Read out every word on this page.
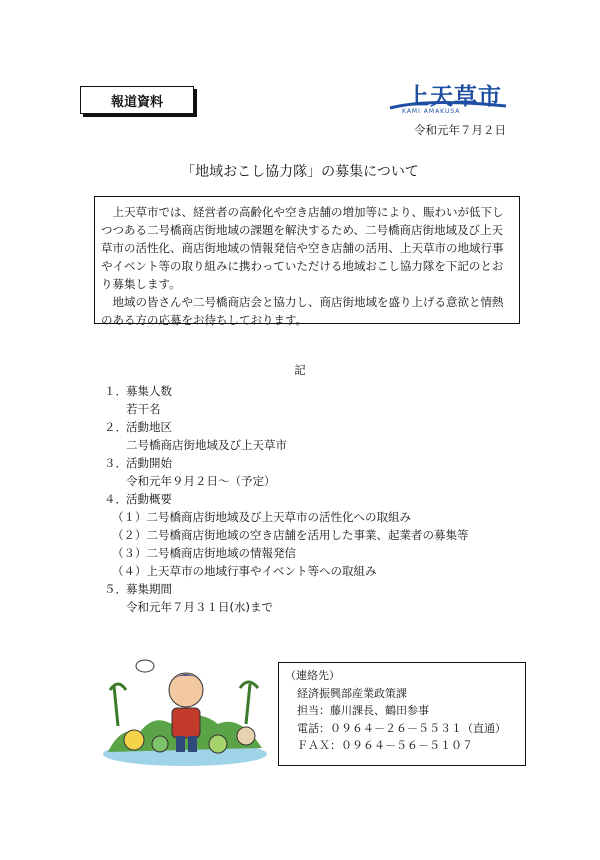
報道資料	上天草市
KAMI AMAKUSA
令和元年７月２日
「地域おこし協力隊」の募集について

上天草市では、経営者の高齢化や空き店舗の増加等により、賑わいが低下しつつある二号橋商店街地域の課題を解決するため、二号橋商店街地域及び上天草市の活性化、商店街地域の情報発信や空き店舗の活用、上天草市の地域行事やイベント等の取り組みに携わっていただける地域おこし協力隊を下記のとおり募集します。

地域の皆さんや二号橋商店会と協力し、商店街地域を盛り上げる意欲と情熱のある方の応募をお待ちしております。

記
１．募集人数
若干名
２．活動地区
二号橋商店街地域及び上天草市
３．活動開始
令和元年９月２日～（予定）
４．活動概要
（１）二号橋商店街地域及び上天草市の活性化への取組み
（２）二号橋商店街地域の空き店舗を活用した事業、起業者の募集等
（３）二号橋商店街地域の情報発信
（４）上天草市の地域行事やイベント等への取組み
５．募集期間
令和元年７月３１日(水)まで
（連絡先）
経済振興部産業政策課
担当：藤川課長、鶴田参事
電話：０９６４－２６－５５３１（直通）
ＦＡＸ：０９６４－５６－５１０７
